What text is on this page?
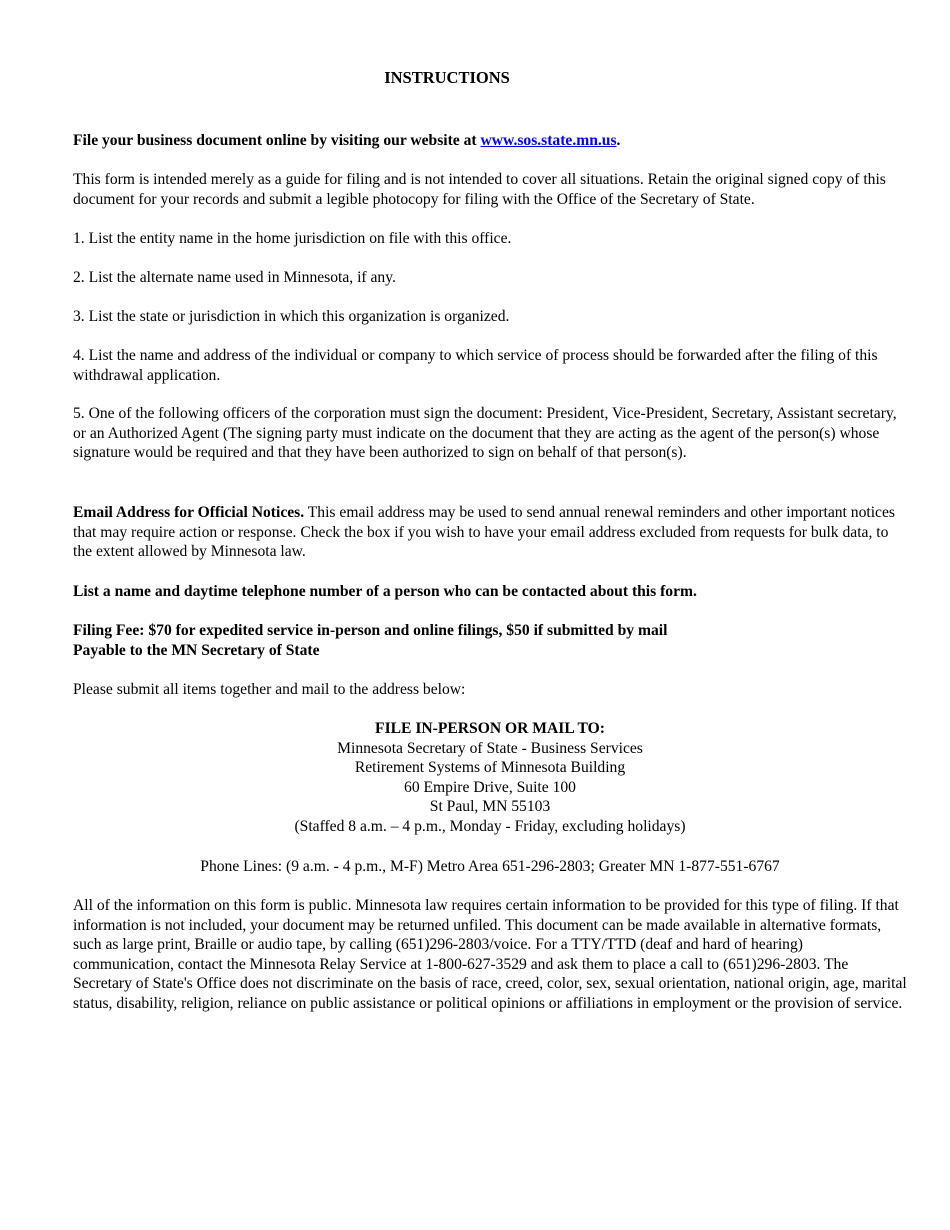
INSTRUCTIONS

File your business document online by visiting our website at www.sos.state.mn.us.

This form is intended merely as a guide for filing and is not intended to cover all situations. Retain the original signed copy of this document for your records and submit a legible photocopy for filing with the Office of the Secretary of State.

1. List the entity name in the home jurisdiction on file with this office.

2. List the alternate name used in Minnesota, if any.

3. List the state or jurisdiction in which this organization is organized.

4. List the name and address of the individual or company to which service of process should be forwarded after the filing of this withdrawal application.

5. One of the following officers of the corporation must sign the document: President, Vice-President, Secretary, Assistant secretary, or an Authorized Agent (The signing party must indicate on the document that they are acting as the agent of the person(s) whose signature would be required and that they have been authorized to sign on behalf of that person(s).

Email Address for Official Notices. This email address may be used to send annual renewal reminders and other important notices that may require action or response. Check the box if you wish to have your email address excluded from requests for bulk data, to the extent allowed by Minnesota law.

List a name and daytime telephone number of a person who can be contacted about this form.

Filing Fee: $70 for expedited service in-person and online filings, $50 if submitted by mail
Payable to the MN Secretary of State

Please submit all items together and mail to the address below:

FILE IN-PERSON OR MAIL TO:
Minnesota Secretary of State - Business Services
Retirement Systems of Minnesota Building
60 Empire Drive, Suite 100
St Paul, MN 55103
(Staffed 8 a.m. – 4 p.m., Monday - Friday, excluding holidays)

Phone Lines: (9 a.m. - 4 p.m., M-F) Metro Area 651-296-2803; Greater MN 1-877-551-6767

All of the information on this form is public. Minnesota law requires certain information to be provided for this type of filing. If that information is not included, your document may be returned unfiled. This document can be made available in alternative formats, such as large print, Braille or audio tape, by calling (651)296-2803/voice. For a TTY/TTD (deaf and hard of hearing) communication, contact the Minnesota Relay Service at 1-800-627-3529 and ask them to place a call to (651)296-2803. The Secretary of State's Office does not discriminate on the basis of race, creed, color, sex, sexual orientation, national origin, age, marital status, disability, religion, reliance on public assistance or political opinions or affiliations in employment or the provision of service.
